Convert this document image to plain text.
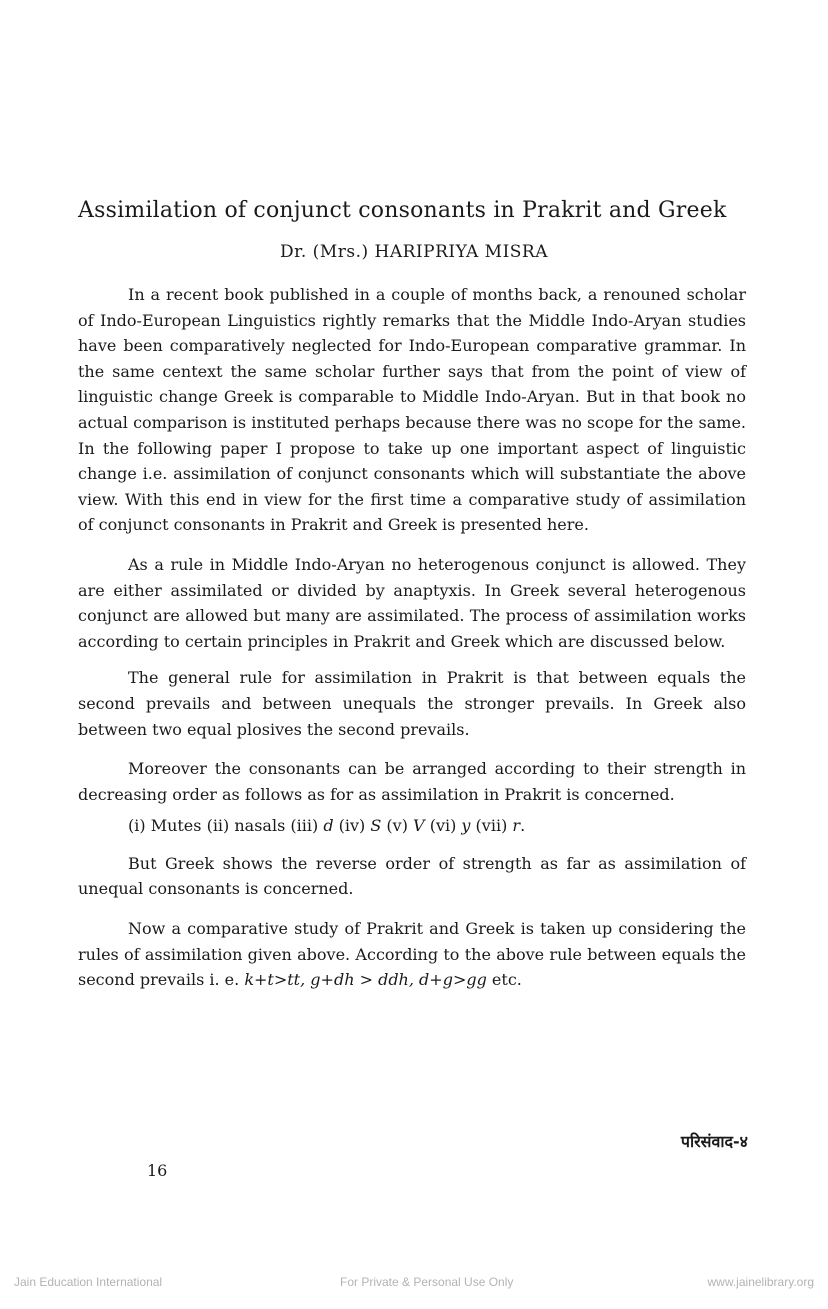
Assimilation of conjunct consonants in Prakrit and Greek
Dr. (Mrs.) HARIPRIYA MISRA

In a recent book published in a couple of months back, a renouned scholar of Indo-European Linguistics rightly remarks that the Middle Indo-Aryan studies have been comparatively neglected for Indo-European comparative grammar. In the same centext the same scholar further says that from the point of view of linguistic change Greek is comparable to Middle Indo-Aryan. But in that book no actual comparison is instituted perhaps because there was no scope for the same. In the following paper I propose to take up one important aspect of linguistic change i.e. assimilation of conjunct consonants which will substantiate the above view. With this end in view for the first time a comparative study of assimilation of conjunct consonants in Prakrit and Greek is presented here.

As a rule in Middle Indo-Aryan no heterogenous conjunct is allowed. They are either assimilated or divided by anaptyxis. In Greek several heterogenous conjunct are allowed but many are assimilated. The process of assimilation works according to certain principles in Prakrit and Greek which are discussed below.

The general rule for assimilation in Prakrit is that between equals the second prevails and between unequals the stronger prevails. In Greek also between two equal plosives the second prevails.

Moreover the consonants can be arranged according to their strength in decreasing order as follows as for as assimilation in Prakrit is concerned.

(i) Mutes (ii) nasals (iii) d (iv) S (v) V (vi) y (vii) r.

But Greek shows the reverse order of strength as far as assimilation of unequal consonants is concerned.

Now a comparative study of Prakrit and Greek is taken up considering the rules of assimilation given above. According to the above rule between equals the second prevails i. e. k+t>tt, g+dh > ddh, d+g>gg etc.

परिसंवाद-४
16
Jain Education International	For Private & Personal Use Only	www.jainelibrary.org
